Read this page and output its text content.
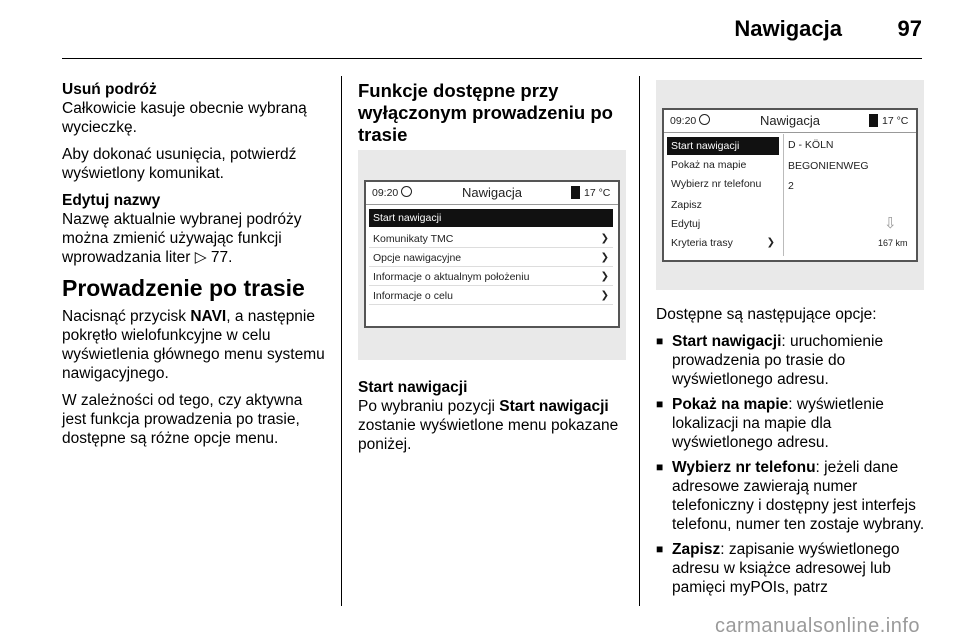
Nawigacja	97

Usuń podróż

Całkowicie kasuje obecnie wybraną wycieczkę.

Aby dokonać usunięcia, potwierdź wyświetlony komunikat.

Edytuj nazwy

Nazwę aktualnie wybranej podróży można zmienić używając funkcji wprowadzania liter ▷ 77.

Prowadzenie po trasie

Nacisnąć przycisk NAVI, a następnie pokrętło wielofunkcyjne w celu wyświetlenia głównego menu systemu nawigacyjnego.

W zależności od tego, czy aktywna jest funkcja prowadzenia po trasie, dostępne są różne opcje menu.

Funkcje dostępne przy wyłączonym prowadzeniu po trasie
09:20	Nawigacja	17 °C
Start nawigacji
Komunikaty TMC	❯
Opcje nawigacyjne	❯
Informacje o aktualnym położeniu	❯
Informacje o celu	❯

Start nawigacji

Po wybraniu pozycji Start nawigacji zostanie wyświetlone menu pokazane poniżej.

09:20	Nawigacja	17 °C
Start nawigacji
Pokaż na mapie
Wybierz nr telefonu
Zapisz
Edytuj
Kryteria trasy	❯
D - KÖLN
BEGONIENWEG
2
⇩
167 km

Dostępne są następujące opcje:

■ Start nawigacji: uruchomienie prowadzenia po trasie do wyświetlonego adresu.
■ Pokaż na mapie: wyświetlenie lokalizacji na mapie dla wyświetlonego adresu.
■ Wybierz nr telefonu: jeżeli dane adresowe zawierają numer telefoniczny i dostępny jest interfejs telefonu, numer ten zostaje wybrany.
■ Zapisz: zapisanie wyświetlonego adresu w książce adresowej lub pamięci myPOIs, patrz
carmanualsonline.info
